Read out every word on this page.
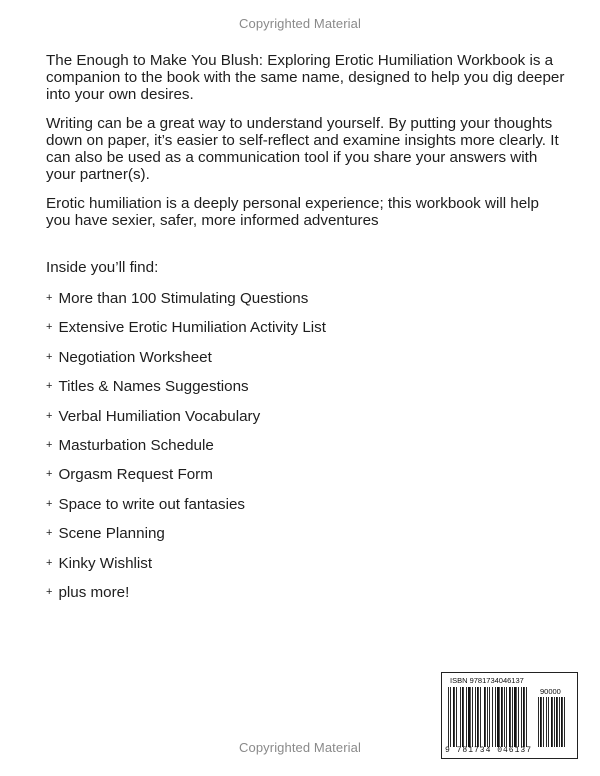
Copyrighted Material

The Enough to Make You Blush: Exploring Erotic Humiliation Workbook is a companion to the book with the same name, designed to help you dig deeper into your own desires.

Writing can be a great way to understand yourself. By putting your thoughts down on paper, it’s easier to self-reflect and examine insights more clearly. It can also be used as a communication tool if you share your answers with your partner(s).

Erotic humiliation is a deeply personal experience; this workbook will help you have sexier, safer, more informed adventures

Inside you’ll find:

+ More than 100 Stimulating Questions
+ Extensive Erotic Humiliation Activity List
+ Negotiation Worksheet
+ Titles & Names Suggestions
+ Verbal Humiliation Vocabulary
+ Masturbation Schedule
+ Orgasm Request Form
+ Space to write out fantasies
+ Scene Planning
+ Kinky Wishlist
+ plus more!
ISBN 9781734046137
90000
9 781734 046137
Copyrighted Material
